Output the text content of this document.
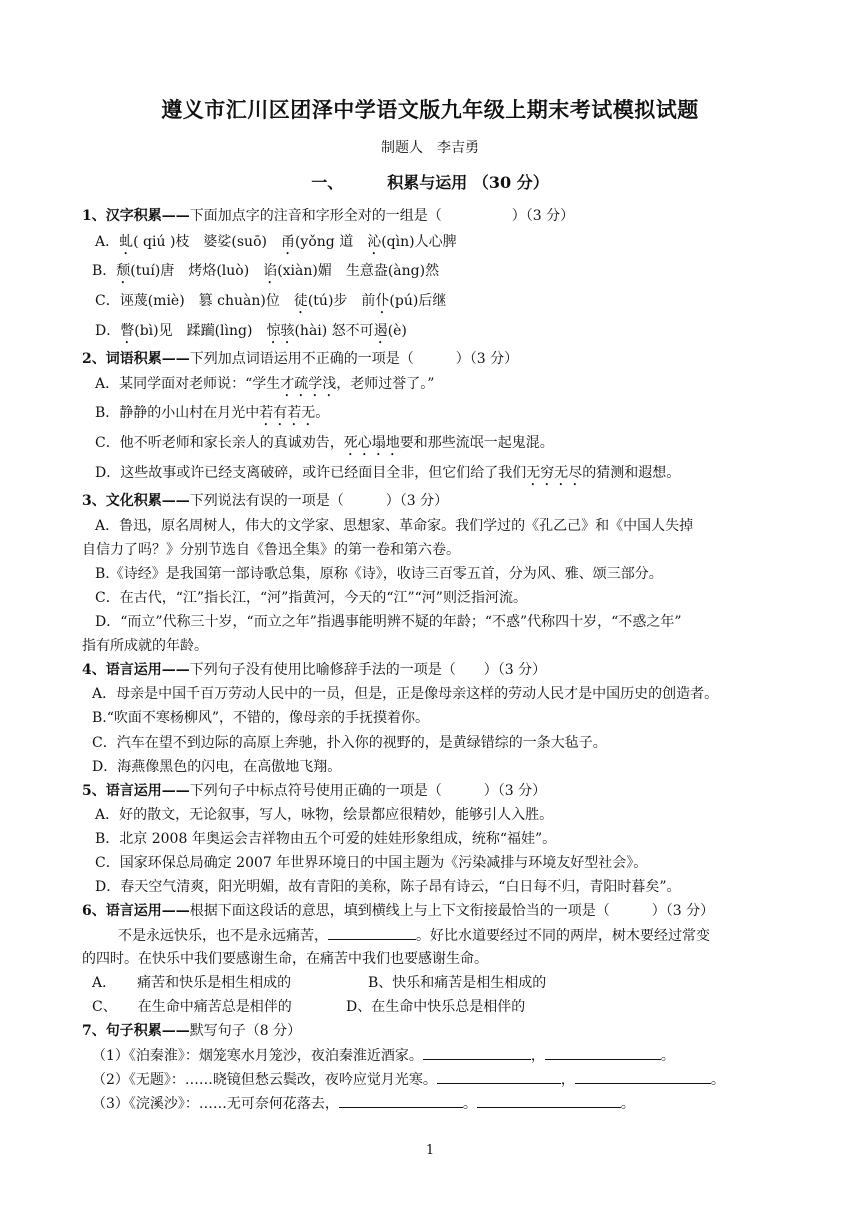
遵义市汇川区团泽中学语文版九年级上期末考试模拟试题
制题人　李吉勇
一、	积累与运用 （30 分）
1、汉字积累——下面加点字的注音和字形全对的一组是（　　　　　）（3 分）
A．虬( qiú )枝　婆娑(suō)　甬(yǒng 道　沁(qìn)人心脾
B．颓(tuí)唐　烤烙(luò)　谄(xiàn)媚　生意盎(àng)然
C．诬蔑(miè)　篡 chuàn)位　徒(tú)步　前仆(pú)后继
D．瞥(bì)见　蹂躏(lìng)　惊骇(hài) 怒不可遏(è)
2、词语积累——下列加点词语运用不正确的一项是（　　　）（3 分）
A．某同学面对老师说：“学生才疏学浅，老师过誉了。”
B．静静的小山村在月光中若有若无。
C．他不听老师和家长亲人的真诚劝告，死心塌地要和那些流氓一起鬼混。
D．这些故事或许已经支离破碎，或许已经面目全非，但它们给了我们无穷无尽的猜测和遐想。
3、文化积累——下列说法有误的一项是（　　　）（3 分）
A．鲁迅，原名周树人，伟大的文学家、思想家、革命家。我们学过的《孔乙己》和《中国人失掉
自信力了吗？》分别节选自《鲁迅全集》的第一卷和第六卷。
B.《诗经》是我国第一部诗歌总集，原称《诗》，收诗三百零五首，分为风、雅、颂三部分。
C．在古代，“江”指长江，“河”指黄河，今天的“江”“河”则泛指河流。
D．“而立”代称三十岁，“而立之年”指遇事能明辨不疑的年龄；“不惑”代称四十岁，“不惑之年”
指有所成就的年龄。
4、语言运用——下列句子没有使用比喻修辞手法的一项是（　　）（3 分）
A．母亲是中国千百万劳动人民中的一员，但是，正是像母亲这样的劳动人民才是中国历史的创造者。
B.“吹面不寒杨柳风”，不错的，像母亲的手抚摸着你。
C．汽车在望不到边际的高原上奔驰，扑入你的视野的，是黄绿错综的一条大毡子。
D．海燕像黑色的闪电，在高傲地飞翔。
5、语言运用——下列句子中标点符号使用正确的一项是（　　　）（3 分）
A．好的散文，无论叙事，写人，咏物，绘景都应很精妙，能够引人入胜。
B．北京 2008 年奥运会吉祥物由五个可爱的娃娃形象组成，统称“福娃”。
C．国家环保总局确定 2007 年世界环境日的中国主题为《污染减排与环境友好型社会》。
D．春天空气清爽，阳光明媚，故有青阳的美称，陈子昂有诗云，“白日每不归，青阳时暮矣”。
6、语言运用——根据下面这段话的意思，填到横线上与上下文衔接最恰当的一项是（　　　）（3 分）
不是永远快乐，也不是永远痛苦，	。好比水道要经过不同的两岸，树木要经过常变
的四时。在快乐中我们要感谢生命，在痛苦中我们也要感谢生命。
A．　　痛苦和快乐是相生相成的	B、快乐和痛苦是相生相成的
C、　　在生命中痛苦总是相伴的	D、在生命中快乐总是相伴的
7、句子积累——默写句子（8 分）
（1）《泊秦淮》：烟笼寒水月笼沙，夜泊秦淮近酒家。	，	。
（2）《无题》：……晓镜但愁云鬓改，夜吟应觉月光寒。	，	。
（3）《浣溪沙》：……无可奈何花落去，	。	。
1
